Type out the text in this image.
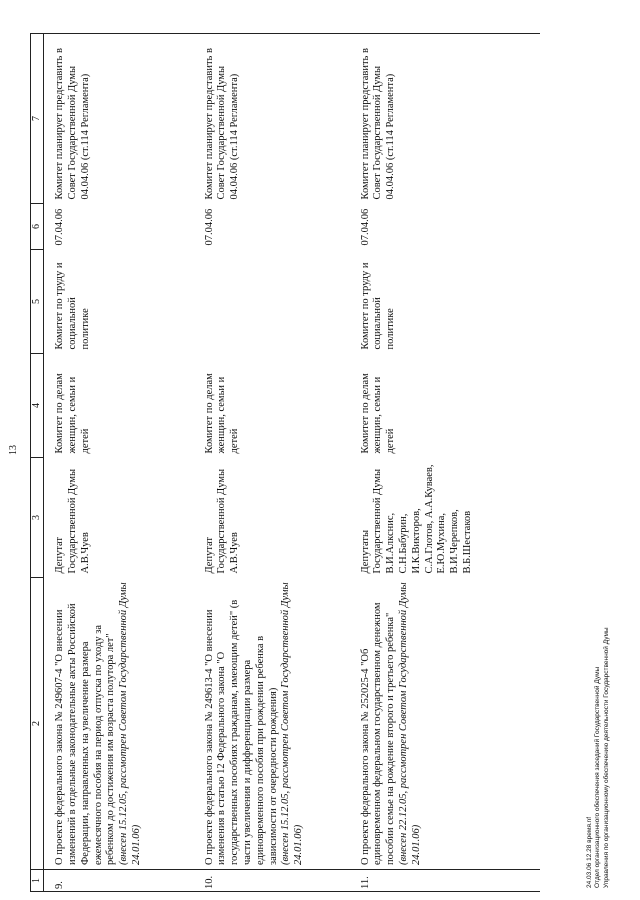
13
1	2	3	4	5	6	7
9.	О проекте федерального закона № 249607-4 "О внесении изменений в отдельные законодательные акты Российской Федерации, направленных на увеличение размера ежемесячного пособия на период отпуска по уходу за ребенком до достижения им возраста полутора лет" (внесен 15.12.05, рассмотрен Советом Государственной Думы 24.01.06)	Депутат Государственной Думы А.В.Чуев	Комитет по делам женщин, семьи и детей	Комитет по труду и социальной политике	07.04.06	Комитет планирует представить в Совет Государственной Думы 04.04.06 (ст.114 Регламента)
10.	О проекте федерального закона № 249613-4 "О внесении изменения в статью 12 Федерального закона "О государственных пособиях гражданам, имеющим детей" (в части увеличения и дифференциации размера единовременного пособия при рождении ребенка в зависимости от очередности рождения) (внесен 15.12.05, рассмотрен Советом Государственной Думы 24.01.06)	Депутат Государственной Думы А.В.Чуев	Комитет по делам женщин, семьи и детей		07.04.06	Комитет планирует представить в Совет Государственной Думы 04.04.06 (ст.114 Регламента)
11.	О проекте федерального закона № 252025-4 "Об единовременном федеральном государственном денежном пособии семье на рождение второго и третьего ребенка" (внесен 22.12.05, рассмотрен Советом Государственной Думы 24.01.06)	Депутаты Государственной Думы В.И.Алкснис, С.Н.Бабурин, И.К.Викторов, С.А.Глотов, А.А.Куваев, Е.Ю.Мухина, В.И.Черепков, В.Б.Шестаков	Комитет по делам женщин, семьи и детей	Комитет по труду и социальной политике	07.04.06	Комитет планирует представить в Совет Государственной Думы 04.04.06 (ст.114 Регламента)
24.03.06 12.28 время.nf Отдел организационного обеспечения заседаний Государственной Думы Управления по организационному обеспечению деятельности Государственной Думы
